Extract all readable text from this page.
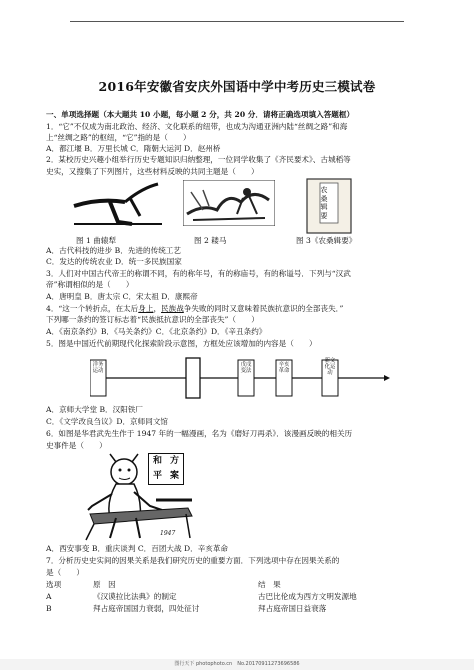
2016年安徽省安庆外国语中学中考历史三模试卷
一、单项选择题（本大题共 10 小题，每小题 2 分，共 20 分．请将正确选项填入答题框）
1．“它”不仅成为南北政治、经济、文化联系的纽带，也成为沟通亚洲内陆“丝绸之路”和海
上“丝绸之路”的枢纽，“它”指的是（　　）
A．都江堰 B．万里长城 C．隋朝大运河 D．赵州桥
2．某校历史兴趣小组举行历史专题知识归纳整理，一位同学收集了《齐民要术》、古城稻等
史实，又搜集了下列图片，这些材料反映的共同主题是（　　）
农桑辑要
图 1 曲辕犁	图 2 耧马	图 3《农桑辑要》
A．古代科技的进步 B．先进的传统工艺
C．发达的传统农业 D．统一多民族国家
3．人们对中国古代帝王的称谓不同，有的称年号，有的称庙号，有的称谥号．下列与“汉武
帝”称谓相似的是（　　）
A．唐明皇 B．唐太宗 C．宋太祖 D．康熙帝
4．“这一个转折点，在太后身上，民族战争失败的同时又意味着民族抗意识的全部丧失．”
下列哪一条约的签订标志着“民族抵抗意识的全部丧失”（　　）
A．《南京条约》B．《马关条约》C．《北京条约》D．《辛丑条约》
5．图是中国近代前期现代化探索阶段示意图，方框处应该增加的内容是（　　）
洋务运动
戊戌变法
辛亥革命
新文化运动
A．京师大学堂 B．汉阳铁厂
C．《文学改良刍议》D．京师同文馆
6．如图是华君武先生作于 1947 年的一幅漫画，名为《磨好刀再杀》．该漫画反映的相关历
史事件是（　　）
和 方
平 案
1947
A．西安事变 B．重庆谈判 C．百团大战 D．辛亥革命
7．分析历史史实间的因果关系是我们研究历史的重要方面．下列选项中存在因果关系的
是（　　）
选项	原　因	结　果
A	《汉谟拉比法典》的制定	古巴比伦成为西方文明发源地
B	拜占庭帝国国力衰弱，四处征讨	拜占庭帝国日益衰落
图行天下 photophoto.cn　No.20170911273696586
